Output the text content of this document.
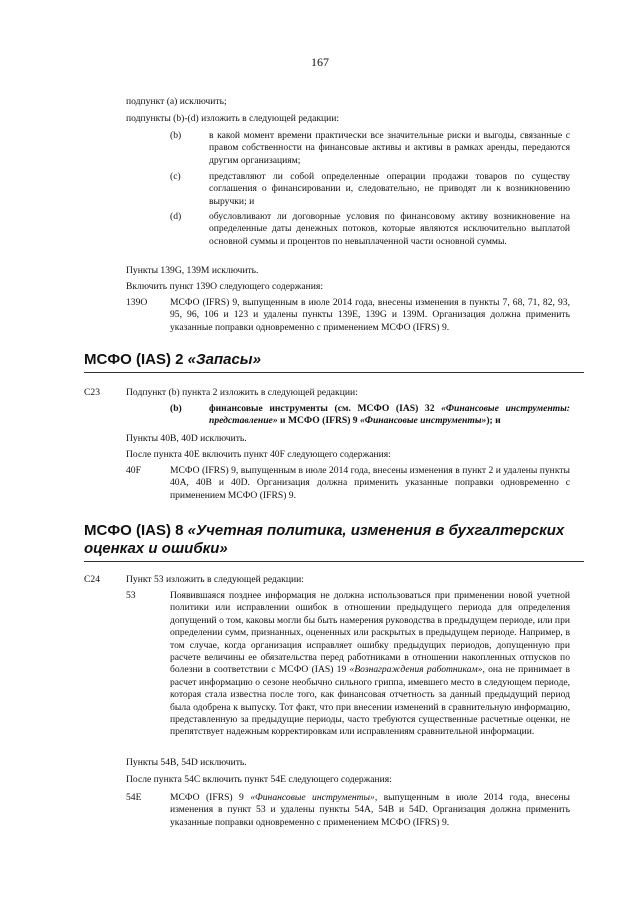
167
подпункт (а) исключить;
подпункты (b)-(d) изложить в следующей редакции:
(b)	в какой момент времени практически все значительные риски и выгоды, связанные с правом собственности на финансовые активы и активы в рамках аренды, передаются другим организациям;
(c)	представляют ли собой определенные операции продажи товаров по существу соглашения о финансировании и, следовательно, не приводят ли к возникновению выручки; и
(d)	обусловливают ли договорные условия по финансовому активу возникновение на определенные даты денежных потоков, которые являются исключительно выплатой основной суммы и процентов по невыплаченной части основной суммы.
Пункты 139G, 139М исключить.
Включить пункт 139О следующего содержания:
139О МСФО (IFRS) 9, выпущенным в июле 2014 года, внесены изменения в пункты 7, 68, 71, 82, 93, 95, 96, 106 и 123 и удалены пункты 139Е, 139G и 139М. Организация должна применить указанные поправки одновременно с применением МСФО (IFRS) 9.
МСФО (IAS) 2 «Запасы»
C23	Подпункт (b) пункта 2 изложить в следующей редакции:
(b)	финансовые инструменты (см. МСФО (IAS) 32 «Финансовые инструменты: представление» и МСФО (IFRS) 9 «Финансовые инструменты»); и
Пункты 40В, 40D исключить.
После пункта 40Е включить пункт 40F следующего содержания:
40F	МСФО (IFRS) 9, выпущенным в июле 2014 года, внесены изменения в пункт 2 и удалены пункты 40А, 40В и 40D. Организация должна применить указанные поправки одновременно с применением МСФО (IFRS) 9.
МСФО (IAS) 8 «Учетная политика, изменения в бухгалтерских
оценках и ошибки»
C24	Пункт 53 изложить в следующей редакции:
53	Появившаяся позднее информация не должна использоваться при применении новой учетной политики или исправлении ошибок в отношении предыдущего периода для определения допущений о том, каковы могли бы быть намерения руководства в предыдущем периоде, или при определении сумм, признанных, оцененных или раскрытых в предыдущем периоде. Например, в том случае, когда организация исправляет ошибку предыдущих периодов, допущенную при расчете величины ее обязательства перед работниками в отношении накопленных отпусков по болезни в соответствии с МСФО (IAS) 19 «Вознаграждения работникам», она не принимает в расчет информацию о сезоне необычно сильного гриппа, имевшего место в следующем периоде, которая стала известна после того, как финансовая отчетность за данный предыдущий период была одобрена к выпуску. Тот факт, что при внесении изменений в сравнительную информацию, представленную за предыдущие периоды, часто требуются существенные расчетные оценки, не препятствует надежным корректировкам или исправлениям сравнительной информации.
Пункты 54В, 54D исключить.
После пункта 54С включить пункт 54Е следующего содержания:
54Е	МСФО (IFRS) 9 «Финансовые инструменты», выпущенным в июле 2014 года, внесены изменения в пункт 53 и удалены пункты 54А, 54В и 54D. Организация должна применить указанные поправки одновременно с применением МСФО (IFRS) 9.
